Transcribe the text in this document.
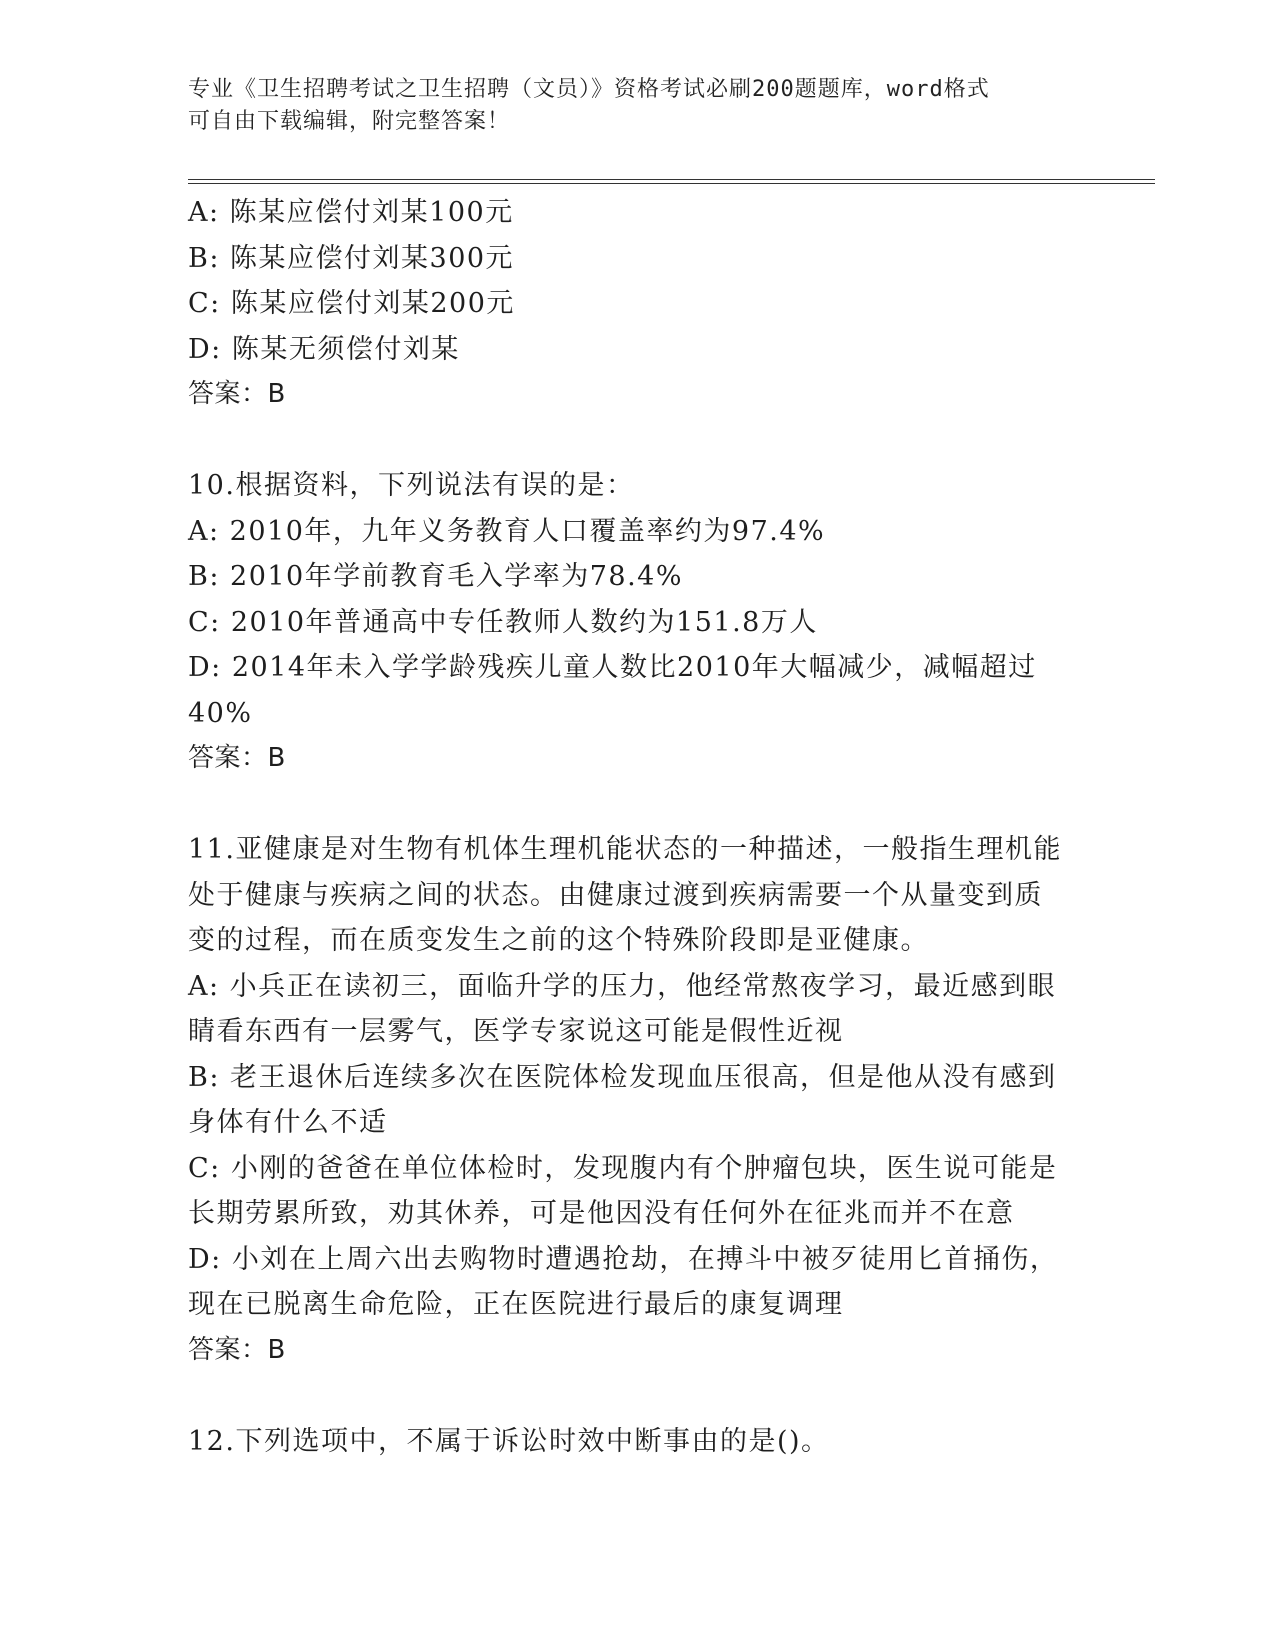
专业《卫生招聘考试之卫生招聘（文员）》资格考试必刷200题题库，word格式
可自由下载编辑，附完整答案！
A: 陈某应偿付刘某100元
B: 陈某应偿付刘某300元
C: 陈某应偿付刘某200元
D: 陈某无须偿付刘某
答案：B
10.根据资料，下列说法有误的是：
A: 2010年，九年义务教育人口覆盖率约为97.4%
B: 2010年学前教育毛入学率为78.4%
C: 2010年普通高中专任教师人数约为151.8万人
D: 2014年未入学学龄残疾儿童人数比2010年大幅减少，减幅超过
40%
答案：B
11.亚健康是对生物有机体生理机能状态的一种描述，一般指生理机能
处于健康与疾病之间的状态。由健康过渡到疾病需要一个从量变到质
变的过程，而在质变发生之前的这个特殊阶段即是亚健康。
A: 小兵正在读初三，面临升学的压力，他经常熬夜学习，最近感到眼
睛看东西有一层雾气，医学专家说这可能是假性近视
B: 老王退休后连续多次在医院体检发现血压很高，但是他从没有感到
身体有什么不适
C: 小刚的爸爸在单位体检时，发现腹内有个肿瘤包块，医生说可能是
长期劳累所致，劝其休养，可是他因没有任何外在征兆而并不在意
D: 小刘在上周六出去购物时遭遇抢劫，在搏斗中被歹徒用匕首捅伤，
现在已脱离生命危险，正在医院进行最后的康复调理
答案：B
12.下列选项中，不属于诉讼时效中断事由的是()。
